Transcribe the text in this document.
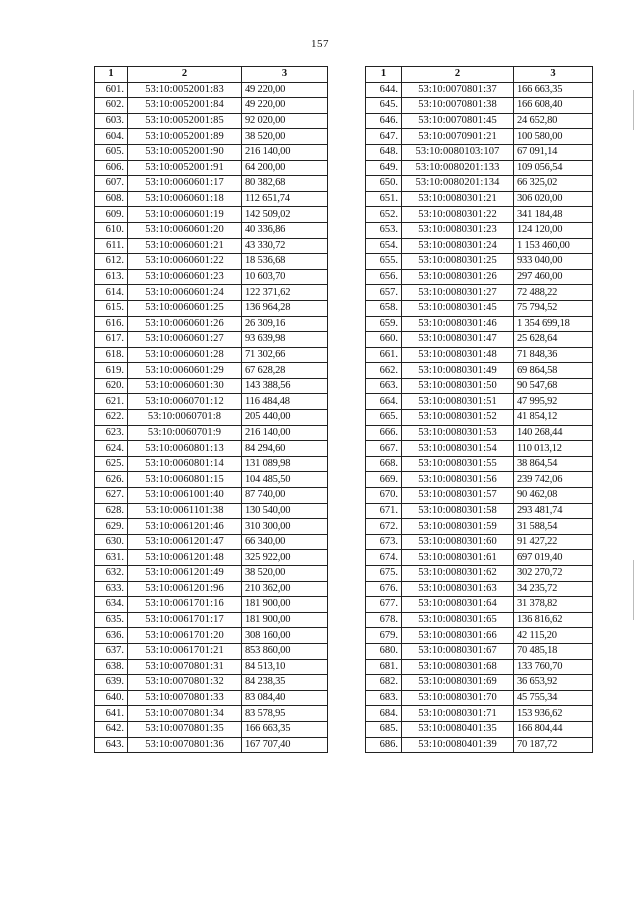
157
1	2	3
601.	53:10:0052001:83	49 220,00
602.	53:10:0052001:84	49 220,00
603.	53:10:0052001:85	92 020,00
604.	53:10:0052001:89	38 520,00
605.	53:10:0052001:90	216 140,00
606.	53:10:0052001:91	64 200,00
607.	53:10:0060601:17	80 382,68
608.	53:10:0060601:18	112 651,74
609.	53:10:0060601:19	142 509,02
610.	53:10:0060601:20	40 336,86
611.	53:10:0060601:21	43 330,72
612.	53:10:0060601:22	18 536,68
613.	53:10:0060601:23	10 603,70
614.	53:10:0060601:24	122 371,62
615.	53:10:0060601:25	136 964,28
616.	53:10:0060601:26	26 309,16
617.	53:10:0060601:27	93 639,98
618.	53:10:0060601:28	71 302,66
619.	53:10:0060601:29	67 628,28
620.	53:10:0060601:30	143 388,56
621.	53:10:0060701:12	116 484,48
622.	53:10:0060701:8	205 440,00
623.	53:10:0060701:9	216 140,00
624.	53:10:0060801:13	84 294,60
625.	53:10:0060801:14	131 089,98
626.	53:10:0060801:15	104 485,50
627.	53:10:0061001:40	87 740,00
628.	53:10:0061101:38	130 540,00
629.	53:10:0061201:46	310 300,00
630.	53:10:0061201:47	66 340,00
631.	53:10:0061201:48	325 922,00
632.	53:10:0061201:49	38 520,00
633.	53:10:0061201:96	210 362,00
634.	53:10:0061701:16	181 900,00
635.	53:10:0061701:17	181 900,00
636.	53:10:0061701:20	308 160,00
637.	53:10:0061701:21	853 860,00
638.	53:10:0070801:31	84 513,10
639.	53:10:0070801:32	84 238,35
640.	53:10:0070801:33	83 084,40
641.	53:10:0070801:34	83 578,95
642.	53:10:0070801:35	166 663,35
643.	53:10:0070801:36	167 707,40
1	2	3
644.	53:10:0070801:37	166 663,35
645.	53:10:0070801:38	166 608,40
646.	53:10:0070801:45	24 652,80
647.	53:10:0070901:21	100 580,00
648.	53:10:0080103:107	67 091,14
649.	53:10:0080201:133	109 056,54
650.	53:10:0080201:134	66 325,02
651.	53:10:0080301:21	306 020,00
652.	53:10:0080301:22	341 184,48
653.	53:10:0080301:23	124 120,00
654.	53:10:0080301:24	1 153 460,00
655.	53:10:0080301:25	933 040,00
656.	53:10:0080301:26	297 460,00
657.	53:10:0080301:27	72 488,22
658.	53:10:0080301:45	75 794,52
659.	53:10:0080301:46	1 354 699,18
660.	53:10:0080301:47	25 628,64
661.	53:10:0080301:48	71 848,36
662.	53:10:0080301:49	69 864,58
663.	53:10:0080301:50	90 547,68
664.	53:10:0080301:51	47 995,92
665.	53:10:0080301:52	41 854,12
666.	53:10:0080301:53	140 268,44
667.	53:10:0080301:54	110 013,12
668.	53:10:0080301:55	38 864,54
669.	53:10:0080301:56	239 742,06
670.	53:10:0080301:57	90 462,08
671.	53:10:0080301:58	293 481,74
672.	53:10:0080301:59	31 588,54
673.	53:10:0080301:60	91 427,22
674.	53:10:0080301:61	697 019,40
675.	53:10:0080301:62	302 270,72
676.	53:10:0080301:63	34 235,72
677.	53:10:0080301:64	31 378,82
678.	53:10:0080301:65	136 816,62
679.	53:10:0080301:66	42 115,20
680.	53:10:0080301:67	70 485,18
681.	53:10:0080301:68	133 760,70
682.	53:10:0080301:69	36 653,92
683.	53:10:0080301:70	45 755,34
684.	53:10:0080301:71	153 936,62
685.	53:10:0080401:35	166 804,44
686.	53:10:0080401:39	70 187,72
